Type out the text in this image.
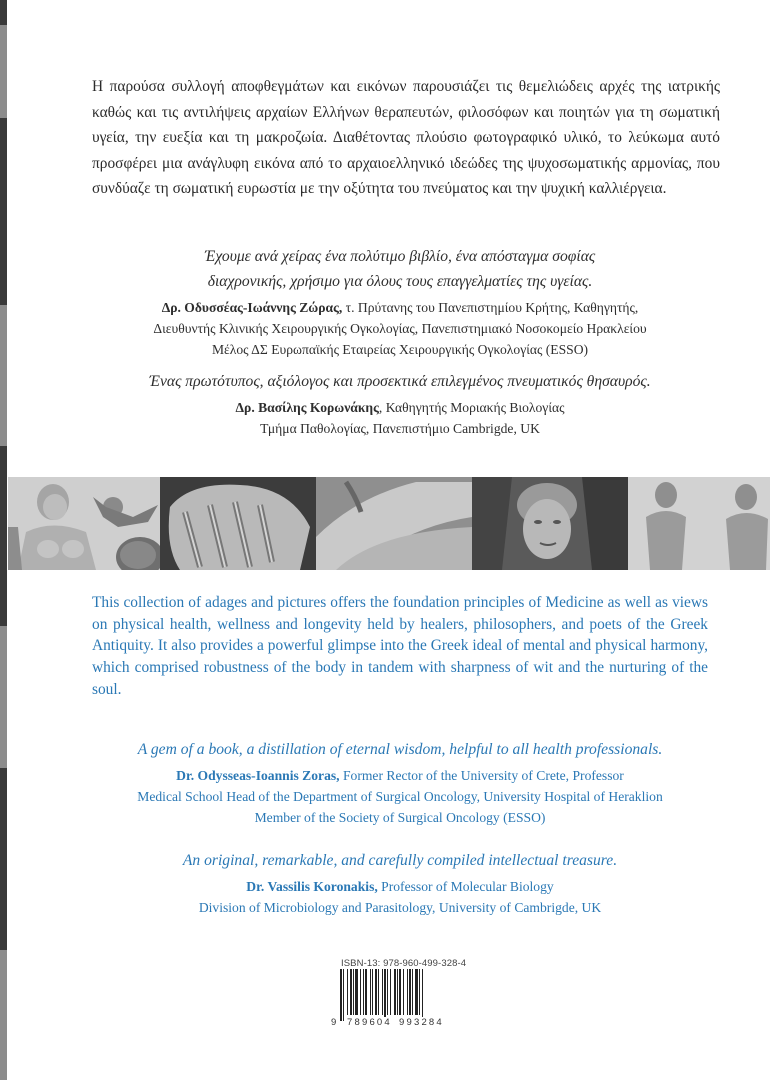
Η παρούσα συλλογή αποφθεγμάτων και εικόνων παρουσιάζει τις θεμελιώδεις αρχές της ιατρικής καθώς και τις αντιλήψεις αρχαίων Ελλήνων θεραπευτών, φιλοσόφων και ποιητών για τη σωματική υγεία, την ευεξία και τη μακροζωία. Διαθέτοντας πλούσιο φωτογραφικό υλικό, το λεύκωμα αυτό προσφέρει μια ανάγλυφη εικόνα από το αρχαιοελληνικό ιδεώδες της ψυχοσωματικής αρμονίας, που συνδύαζε τη σωματική ευρωστία με την οξύτητα του πνεύματος και την ψυχική καλλιέργεια.

Έχουμε ανά χείρας ένα πολύτιμο βιβλίο, ένα απόσταγμα σοφίας
διαχρονικής, χρήσιμο για όλους τους επαγγελματίες της υγείας.
Δρ. Οδυσσέας-Ιωάννης Ζώρας, τ. Πρύτανης του Πανεπιστημίου Κρήτης, Καθηγητής,
Διευθυντής Κλινικής Χειρουργικής Ογκολογίας, Πανεπιστημιακό Νοσοκομείο Ηρακλείου
Μέλος ΔΣ Ευρωπαϊκής Εταιρείας Χειρουργικής Ογκολογίας (ESSO)
Ένας πρωτότυπος, αξιόλογος και προσεκτικά επιλεγμένος πνευματικός θησαυρός.
Δρ. Βασίλης Κορωνάκης, Καθηγητής Μοριακής Βιολογίας
Τμήμα Παθολογίας, Πανεπιστήμιο Cambrigde, UK

This collection of adages and pictures offers the foundation principles of Medicine as well as views on physical health, wellness and longevity held by healers, philosophers, and poets of the Greek Antiquity. It also provides a powerful glimpse into the Greek ideal of mental and physical harmony, which comprised robustness of the body in tandem with sharpness of wit and the nurturing of the soul.

A gem of a book, a distillation of eternal wisdom, helpful to all health professionals.
Dr. Odysseas-Ioannis Zoras, Former Rector of the University of Crete, Professor
Medical School Head of the Department of Surgical Oncology, University Hospital of Heraklion
Member of the Society of Surgical Oncology (ESSO)
An original, remarkable, and carefully compiled intellectual treasure.
Dr. Vassilis Koronakis, Professor of Molecular Biology
Division of Microbiology and Parasitology, University of Cambrigde, UK
ISBN-13: 978-960-499-328-4
9 789604 993284
